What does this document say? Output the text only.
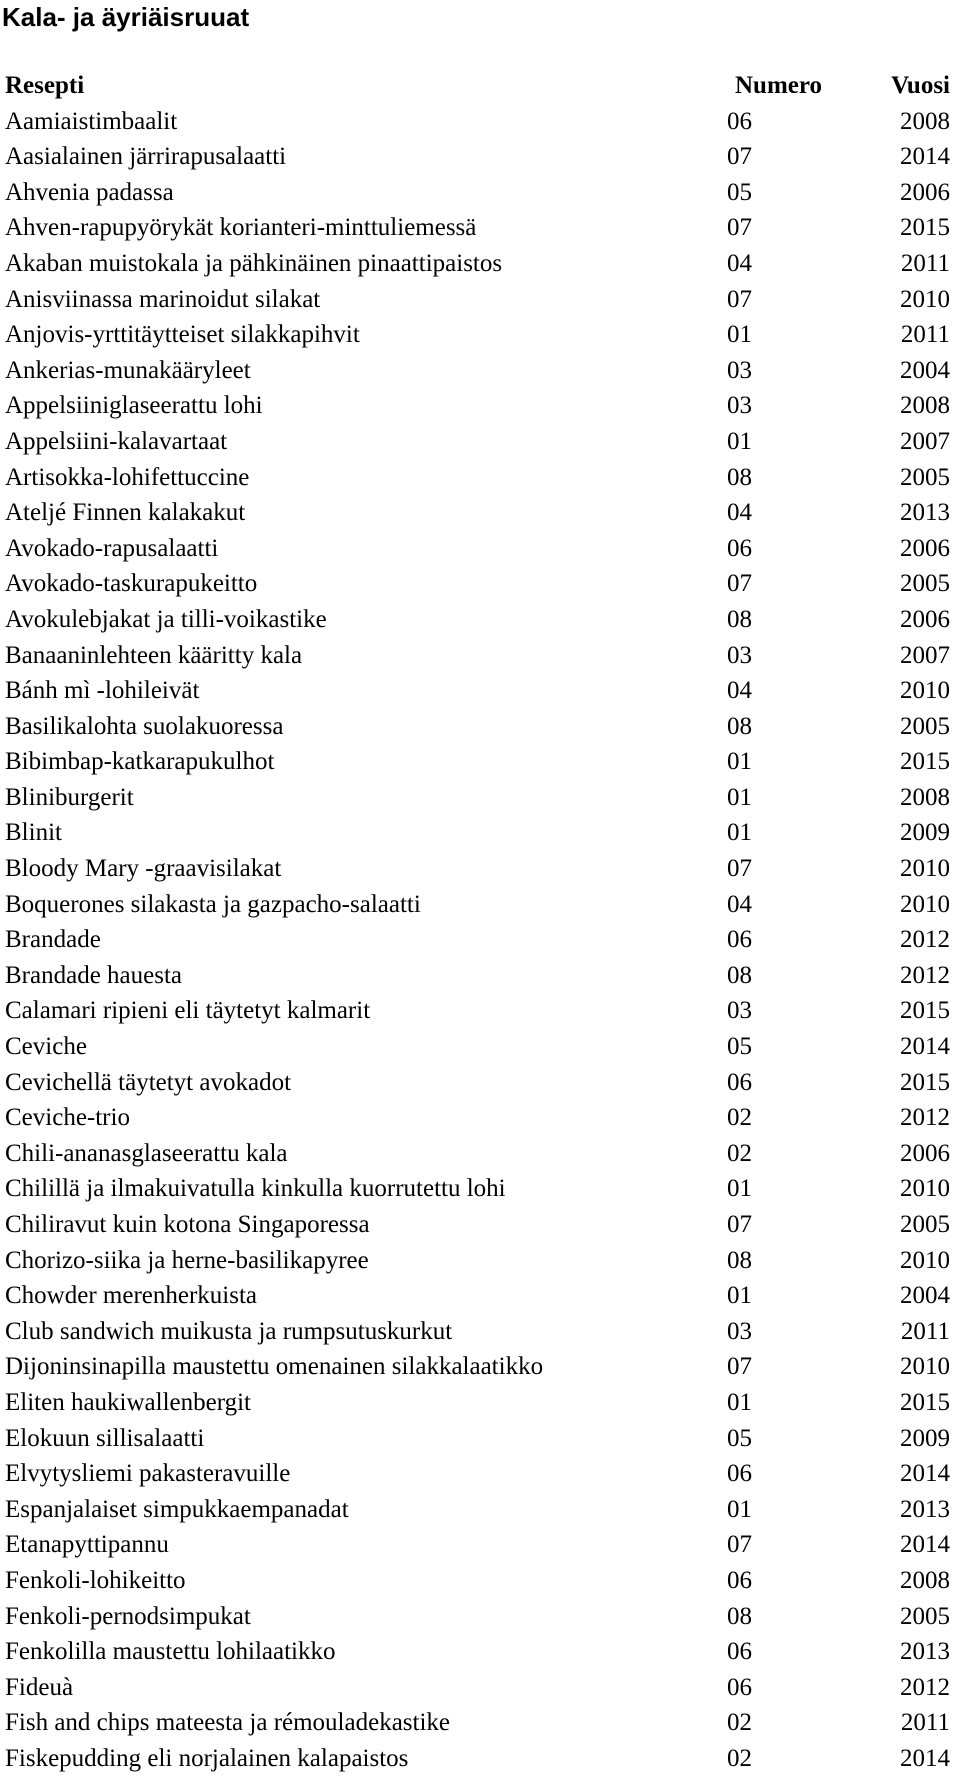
Kala- ja äyriäisruuat
Resepti	Numero	Vuosi
Aamiaistimbaalit	06	2008
Aasialainen järrirapusalaatti	07	2014
Ahvenia padassa	05	2006
Ahven-rapupyörykät korianteri-minttuliemessä	07	2015
Akaban muistokala ja pähkinäinen pinaattipaistos	04	2011
Anisviinassa marinoidut silakat	07	2010
Anjovis-yrttitäytteiset silakkapihvit	01	2011
Ankerias-munakääryleet	03	2004
Appelsiiniglaseerattu lohi	03	2008
Appelsiini-kalavartaat	01	2007
Artisokka-lohifettuccine	08	2005
Ateljé Finnen kalakakut	04	2013
Avokado-rapusalaatti	06	2006
Avokado-taskurapukeitto	07	2005
Avokulebjakat ja tilli-voikastike	08	2006
Banaaninlehteen kääritty kala	03	2007
Bánh mì -lohileivät	04	2010
Basilikalohta suolakuoressa	08	2005
Bibimbap-katkarapukulhot	01	2015
Bliniburgerit	01	2008
Blinit	01	2009
Bloody Mary -graavisilakat	07	2010
Boquerones silakasta ja gazpacho-salaatti	04	2010
Brandade	06	2012
Brandade hauesta	08	2012
Calamari ripieni eli täytetyt kalmarit	03	2015
Ceviche	05	2014
Cevichellä täytetyt avokadot	06	2015
Ceviche-trio	02	2012
Chili-ananasglaseerattu kala	02	2006
Chilillä ja ilmakuivatulla kinkulla kuorrutettu lohi	01	2010
Chiliravut kuin kotona Singaporessa	07	2005
Chorizo-siika ja herne-basilikapyree	08	2010
Chowder merenherkuista	01	2004
Club sandwich muikusta ja rumpsutuskurkut	03	2011
Dijoninsinapilla maustettu omenainen silakkalaatikko	07	2010
Eliten haukiwallenbergit	01	2015
Elokuun sillisalaatti	05	2009
Elvytysliemi pakasteravuille	06	2014
Espanjalaiset simpukkaempanadat	01	2013
Etanapyttipannu	07	2014
Fenkoli-lohikeitto	06	2008
Fenkoli-pernodsimpukat	08	2005
Fenkolilla maustettu lohilaatikko	06	2013
Fideuà	06	2012
Fish and chips mateesta ja rémouladekastike	02	2011
Fiskepudding eli norjalainen kalapaistos	02	2014
